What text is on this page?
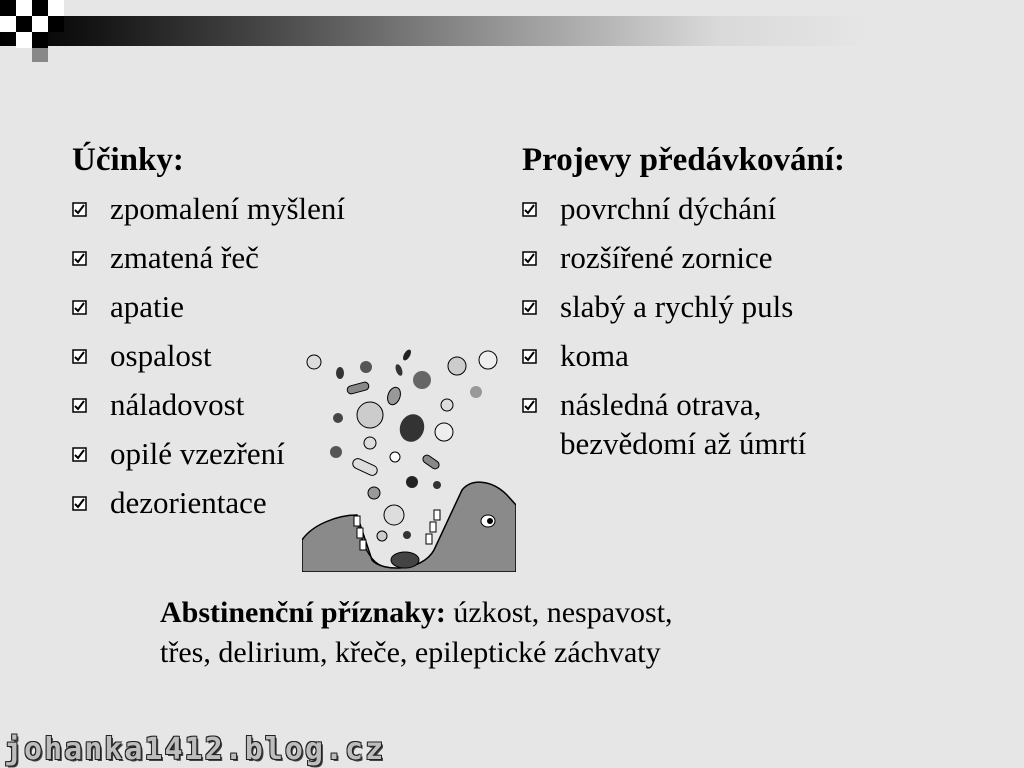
Účinky:
zpomalení myšlení
zmatená řeč
apatie
ospalost
náladovost
opilé vzezření
dezorientace
Projevy předávkování:
povrchní dýchání
rozšířené zornice
slabý a rychlý puls
koma
následná otrava,
bezvědomí až úmrtí
Abstinenční příznaky: úzkost, nespavost,
třes, delirium, křeče, epileptické záchvaty
johanka1412.blog.cz
